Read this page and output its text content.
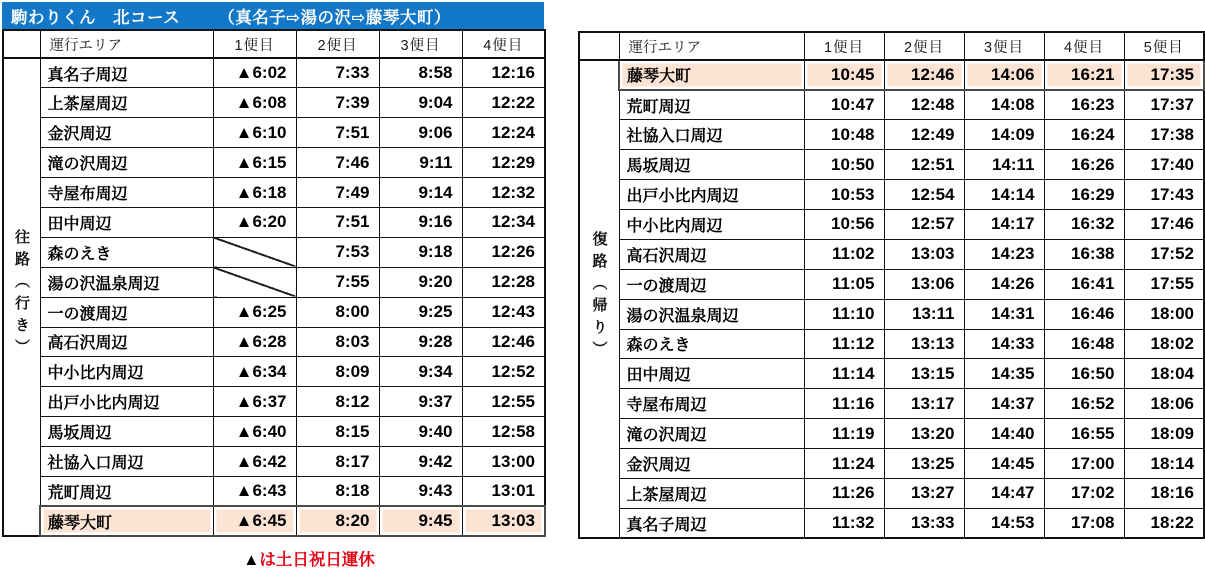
駒わりくん　北コース （真名子⇨湯の沢⇨藤琴大町）
	運行エリア	1便目	2便目	3便目	4便目
往路（行き）	真名子周辺	▲6:02	7:33	8:58	12:16
	上茶屋周辺	▲6:08	7:39	9:04	12:22
	金沢周辺	▲6:10	7:51	9:06	12:24
	滝の沢周辺	▲6:15	7:46	9:11	12:29
	寺屋布周辺	▲6:18	7:49	9:14	12:32
	田中周辺	▲6:20	7:51	9:16	12:34
	森のえき		7:53	9:18	12:26
	湯の沢温泉周辺		7:55	9:20	12:28
	一の渡周辺	▲6:25	8:00	9:25	12:43
	高石沢周辺	▲6:28	8:03	9:28	12:46
	中小比内周辺	▲6:34	8:09	9:34	12:52
	出戸小比内周辺	▲6:37	8:12	9:37	12:55
	馬坂周辺	▲6:40	8:15	9:40	12:58
	社協入口周辺	▲6:42	8:17	9:42	13:00
	荒町周辺	▲6:43	8:18	9:43	13:01
	藤琴大町	▲6:45	8:20	9:45	13:03
▲は土日祝日運休
	運行エリア	1便目	2便目	3便目	4便目	5便目
復路（帰り）	藤琴大町	10:45	12:46	14:06	16:21	17:35
	荒町周辺	10:47	12:48	14:08	16:23	17:37
	社協入口周辺	10:48	12:49	14:09	16:24	17:38
	馬坂周辺	10:50	12:51	14:11	16:26	17:40
	出戸小比内周辺	10:53	12:54	14:14	16:29	17:43
	中小比内周辺	10:56	12:57	14:17	16:32	17:46
	高石沢周辺	11:02	13:03	14:23	16:38	17:52
	一の渡周辺	11:05	13:06	14:26	16:41	17:55
	湯の沢温泉周辺	11:10	13:11	14:31	16:46	18:00
	森のえき	11:12	13:13	14:33	16:48	18:02
	田中周辺	11:14	13:15	14:35	16:50	18:04
	寺屋布周辺	11:16	13:17	14:37	16:52	18:06
	滝の沢周辺	11:19	13:20	14:40	16:55	18:09
	金沢周辺	11:24	13:25	14:45	17:00	18:14
	上茶屋周辺	11:26	13:27	14:47	17:02	18:16
	真名子周辺	11:32	13:33	14:53	17:08	18:22
